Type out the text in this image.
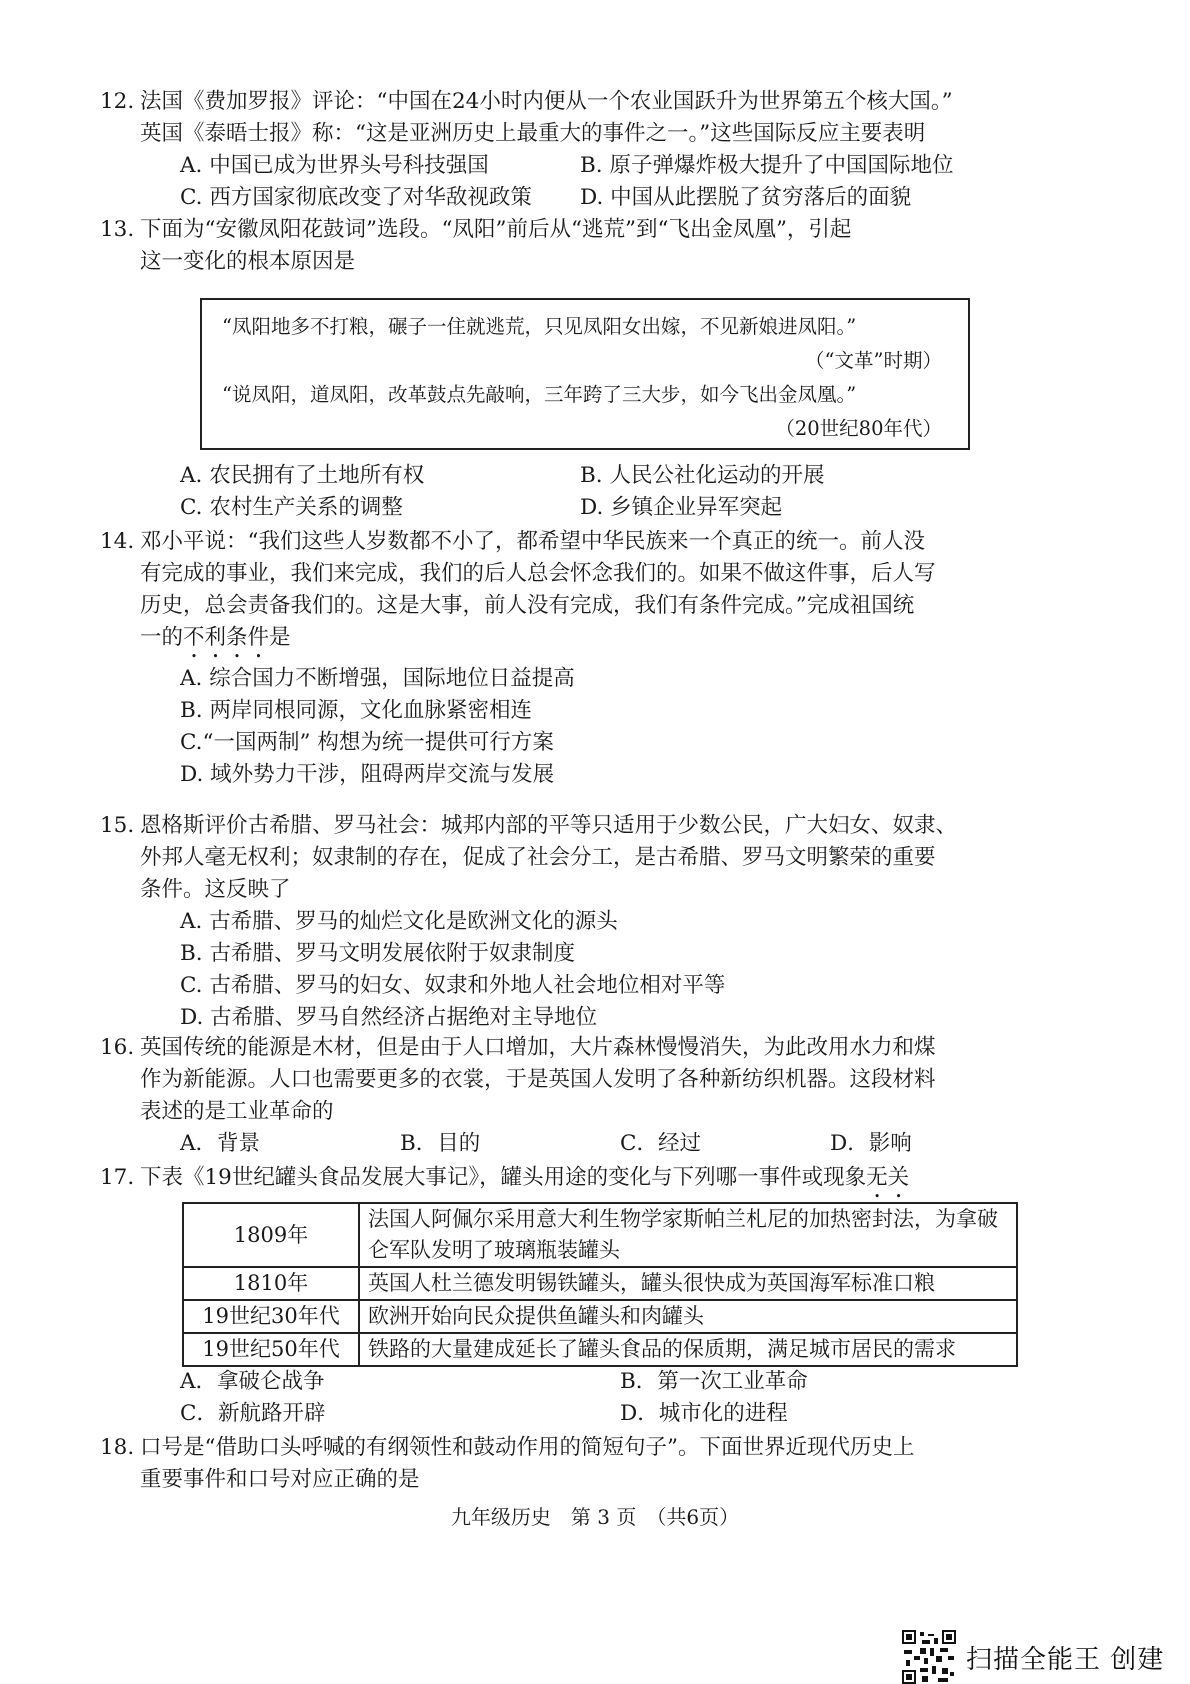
12. 法国《费加罗报》评论：“中国在24小时内便从一个农业国跃升为世界第五个核大国。”

英国《泰晤士报》称：“这是亚洲历史上最重大的事件之一。”这些国际反应主要表明

A. 中国已成为世界头号科技强国	B. 原子弹爆炸极大提升了中国国际地位
C. 西方国家彻底改变了对华敌视政策	D. 中国从此摆脱了贫穷落后的面貌

13. 下面为“安徽凤阳花鼓词”选段。“凤阳”前后从“逃荒”到“飞出金凤凰”，引起

这一变化的根本原因是

“凤阳地多不打粮，碾子一住就逃荒，只见凤阳女出嫁，不见新娘进凤阳。”
（“文革”时期）
“说凤阳，道凤阳，改革鼓点先敲响，三年跨了三大步，如今飞出金凤凰。”
（20世纪80年代）
A. 农民拥有了土地所有权	B. 人民公社化运动的开展
C. 农村生产关系的调整	D. 乡镇企业异军突起

14. 邓小平说：“我们这些人岁数都不小了，都希望中华民族来一个真正的统一。前人没

有完成的事业，我们来完成，我们的后人总会怀念我们的。如果不做这件事，后人写

历史，总会责备我们的。这是大事，前人没有完成，我们有条件完成。”完成祖国统

一的不利条件是

A. 综合国力不断增强，国际地位日益提高
B. 两岸同根同源，文化血脉紧密相连
C.“一国两制” 构想为统一提供可行方案
D. 域外势力干涉，阻碍两岸交流与发展

15. 恩格斯评价古希腊、罗马社会：城邦内部的平等只适用于少数公民，广大妇女、奴隶、

外邦人毫无权利；奴隶制的存在，促成了社会分工，是古希腊、罗马文明繁荣的重要

条件。这反映了

A. 古希腊、罗马的灿烂文化是欧洲文化的源头
B. 古希腊、罗马文明发展依附于奴隶制度
C. 古希腊、罗马的妇女、奴隶和外地人社会地位相对平等
D. 古希腊、罗马自然经济占据绝对主导地位

16. 英国传统的能源是木材，但是由于人口增加，大片森林慢慢消失，为此改用水力和煤

作为新能源。人口也需要更多的衣裳，于是英国人发明了各种新纺织机器。这段材料

表述的是工业革命的

A．背景	B．目的	C．经过	D．影响

17. 下表《19世纪罐头食品发展大事记》，罐头用途的变化与下列哪一事件或现象无关

1809年	法国人阿佩尔采用意大利生物学家斯帕兰札尼的加热密封法，为拿破仑军队发明了玻璃瓶装罐头
1810年	英国人杜兰德发明锡铁罐头，罐头很快成为英国海军标准口粮
19世纪30年代	欧洲开始向民众提供鱼罐头和肉罐头
19世纪50年代	铁路的大量建成延长了罐头食品的保质期，满足城市居民的需求
A．拿破仑战争	B．第一次工业革命
C．新航路开辟	D．城市化的进程

18. 口号是“借助口头呼喊的有纲领性和鼓动作用的简短句子”。下面世界近现代历史上

重要事件和口号对应正确的是

九年级历史　第 3 页　（共6页）
扫描全能王 创建
